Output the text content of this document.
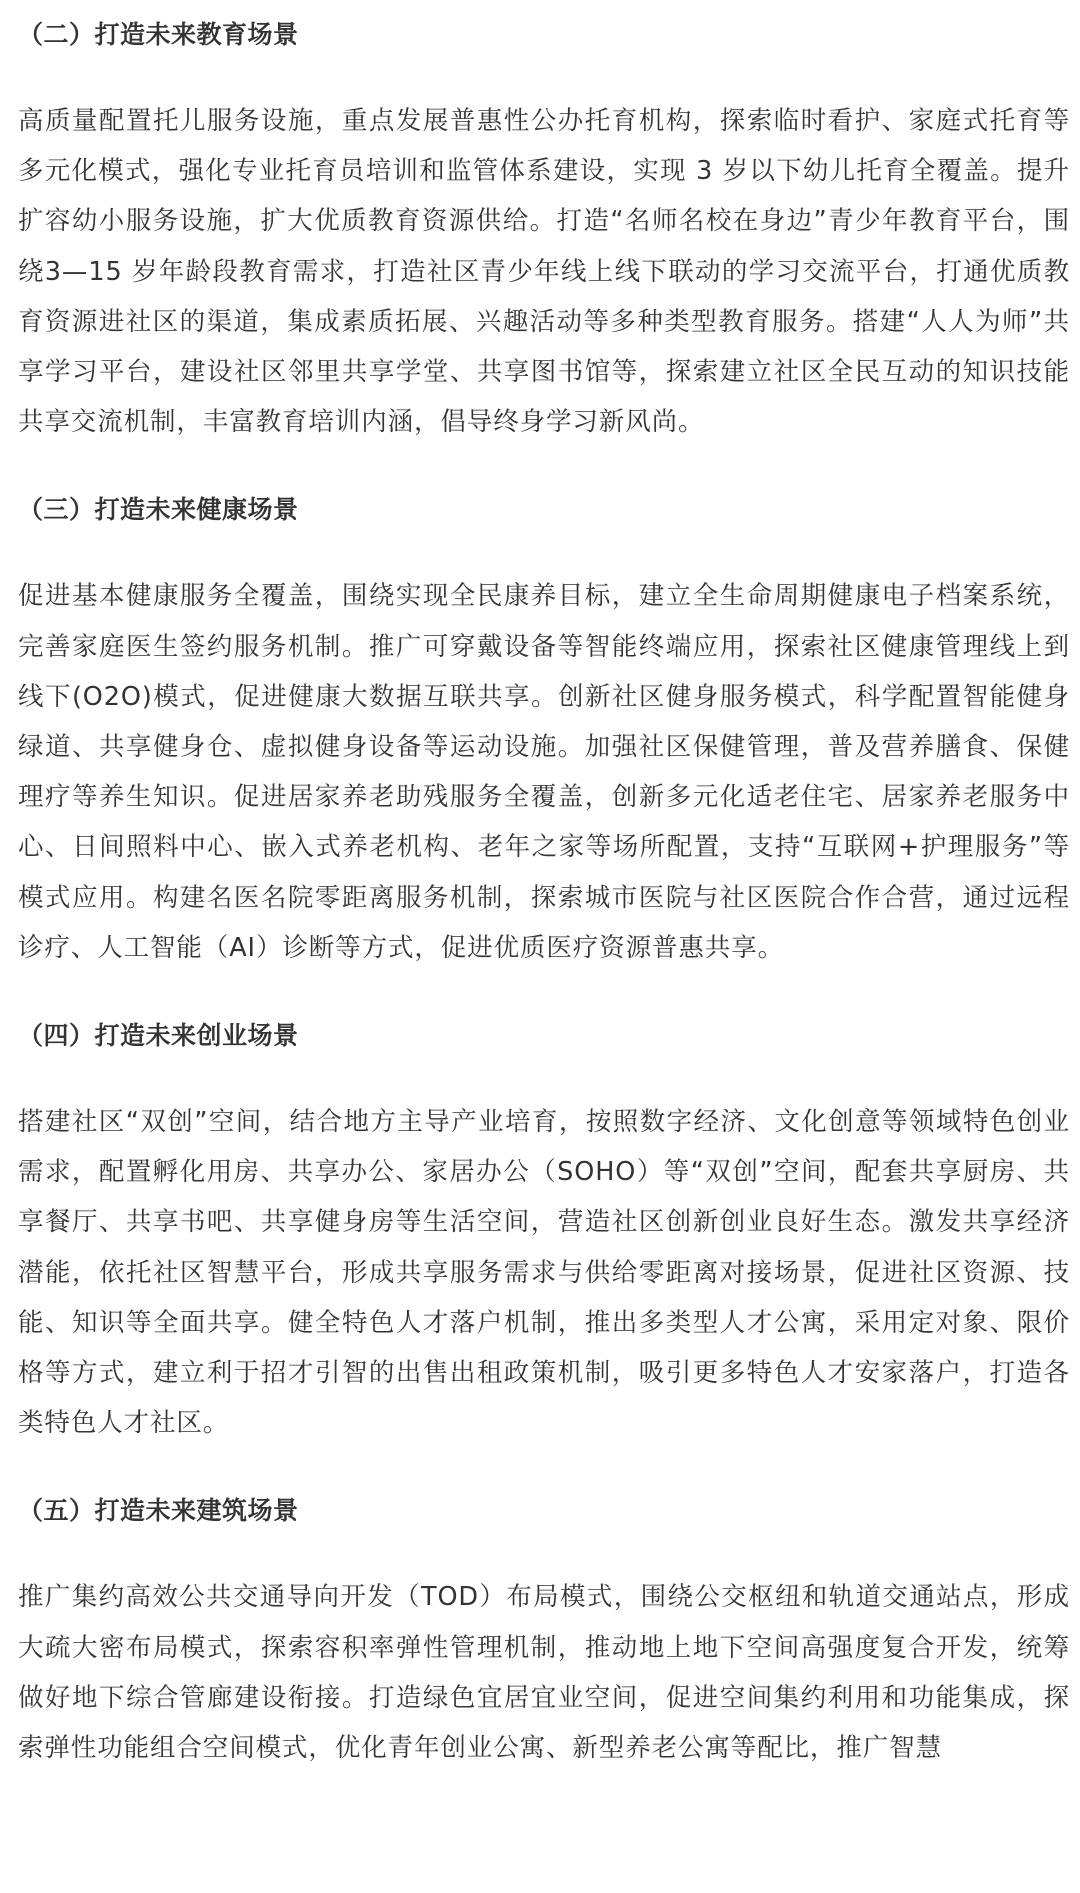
（二）打造未来教育场景

高质量配置托儿服务设施，重点发展普惠性公办托育机构，探索临时看护、家庭式托育等多元化模式，强化专业托育员培训和监管体系建设，实现 3 岁以下幼儿托育全覆盖。提升扩容幼小服务设施，扩大优质教育资源供给。打造“名师名校在身边”青少年教育平台，围绕3—15 岁年龄段教育需求，打造社区青少年线上线下联动的学习交流平台，打通优质教育资源进社区的渠道，集成素质拓展、兴趣活动等多种类型教育服务。搭建“人人为师”共享学习平台，建设社区邻里共享学堂、共享图书馆等，探索建立社区全民互动的知识技能共享交流机制，丰富教育培训内涵，倡导终身学习新风尚。

（三）打造未来健康场景

促进基本健康服务全覆盖，围绕实现全民康养目标，建立全生命周期健康电子档案系统，完善家庭医生签约服务机制。推广可穿戴设备等智能终端应用，探索社区健康管理线上到线下(O2O)模式，促进健康大数据互联共享。创新社区健身服务模式，科学配置智能健身绿道、共享健身仓、虚拟健身设备等运动设施。加强社区保健管理，普及营养膳食、保健理疗等养生知识。促进居家养老助残服务全覆盖，创新多元化适老住宅、居家养老服务中心、日间照料中心、嵌入式养老机构、老年之家等场所配置，支持“互联网+护理服务”等模式应用。构建名医名院零距离服务机制，探索城市医院与社区医院合作合营，通过远程诊疗、人工智能（AI）诊断等方式，促进优质医疗资源普惠共享。

（四）打造未来创业场景

搭建社区“双创”空间，结合地方主导产业培育，按照数字经济、文化创意等领域特色创业需求，配置孵化用房、共享办公、家居办公（SOHO）等“双创”空间，配套共享厨房、共享餐厅、共享书吧、共享健身房等生活空间，营造社区创新创业良好生态。激发共享经济潜能，依托社区智慧平台，形成共享服务需求与供给零距离对接场景，促进社区资源、技能、知识等全面共享。健全特色人才落户机制，推出多类型人才公寓，采用定对象、限价格等方式，建立利于招才引智的出售出租政策机制，吸引更多特色人才安家落户，打造各类特色人才社区。

（五）打造未来建筑场景

推广集约高效公共交通导向开发（TOD）布局模式，围绕公交枢纽和轨道交通站点，形成大疏大密布局模式，探索容积率弹性管理机制，推动地上地下空间高强度复合开发，统筹做好地下综合管廊建设衔接。打造绿色宜居宜业空间，促进空间集约利用和功能集成，探索弹性功能组合空间模式，优化青年创业公寓、新型养老公寓等配比，推广智慧
